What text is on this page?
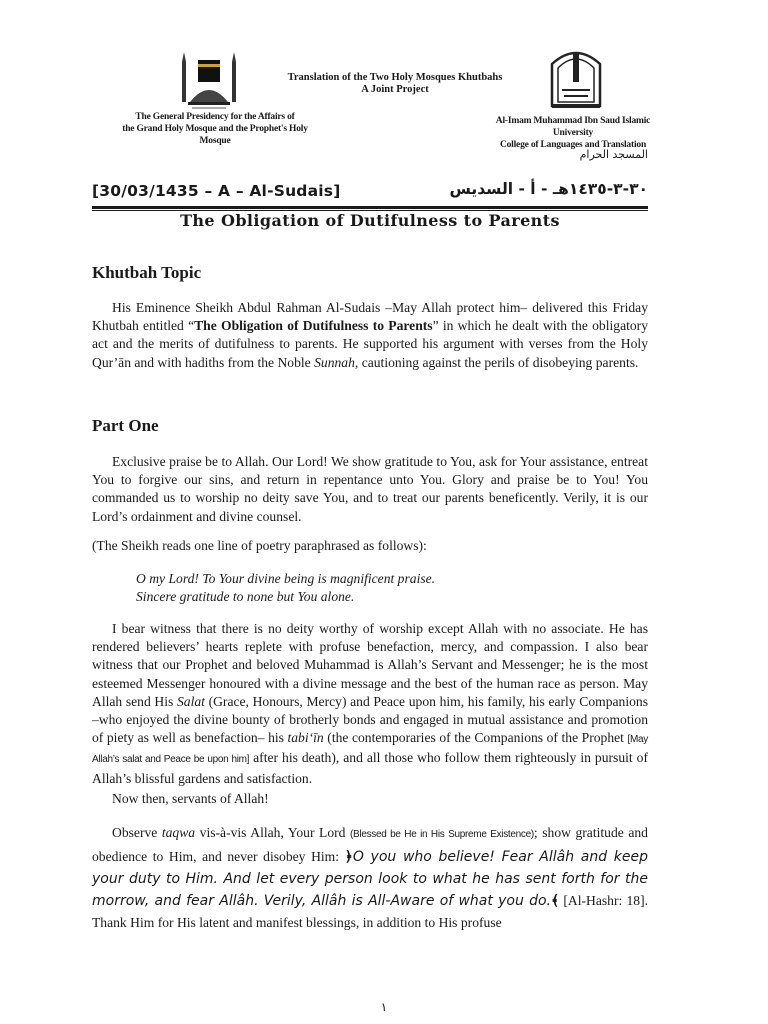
Translation of the Two Holy Mosques Khutbahs
A Joint Project
The General Presidency for the Affairs of
the Grand Holy Mosque and the Prophet's Holy Mosque
Al-Imam Muhammad Ibn Saud Islamic University
College of Languages and Translation
المسجد الحرام
[30/03/1435 – A – Al-Sudais]	٣٠-٣-١٤٣٥هـ - أ - السديس
The Obligation of Dutifulness to Parents
Khutbah Topic
His Eminence Sheikh Abdul Rahman Al-Sudais –May Allah protect him– delivered this Friday Khutbah entitled “The Obligation of Dutifulness to Parents” in which he dealt with the obligatory act and the merits of dutifulness to parents. He supported his argument with verses from the Holy Qur’ān and with hadiths from the Noble Sunnah, cautioning against the perils of disobeying parents.
Part One
Exclusive praise be to Allah. Our Lord! We show gratitude to You, ask for Your assistance, entreat You to forgive our sins, and return in repentance unto You. Glory and praise be to You! You commanded us to worship no deity save You, and to treat our parents beneficently. Verily, it is our Lord’s ordainment and divine counsel.
(The Sheikh reads one line of poetry paraphrased as follows):
O my Lord! To Your divine being is magnificent praise.
Sincere gratitude to none but You alone.
I bear witness that there is no deity worthy of worship except Allah with no associate. He has rendered believers’ hearts replete with profuse benefaction, mercy, and compassion. I also bear witness that our Prophet and beloved Muhammad is Allah’s Servant and Messenger; he is the most esteemed Messenger honoured with a divine message and the best of the human race as person. May Allah send His Salat (Grace, Honours, Mercy) and Peace upon him, his family, his early Companions –who enjoyed the divine bounty of brotherly bonds and engaged in mutual assistance and promotion of piety as well as benefaction– his tabi‘īn (the contemporaries of the Companions of the Prophet [May Allah’s salat and Peace be upon him] after his death), and all those who follow them righteously in pursuit of Allah’s blissful gardens and satisfaction.
Now then, servants of Allah!
Observe taqwa vis-à-vis Allah, Your Lord (Blessed be He in His Supreme Existence); show gratitude and obedience to Him, and never disobey Him: ﴿O you who believe! Fear Allâh and keep your duty to Him. And let every person look to what he has sent forth for the morrow, and fear Allâh. Verily, Allâh is All-Aware of what you do.﴾ [Al-Hashr: 18]. Thank Him for His latent and manifest blessings, in addition to His profuse
١
